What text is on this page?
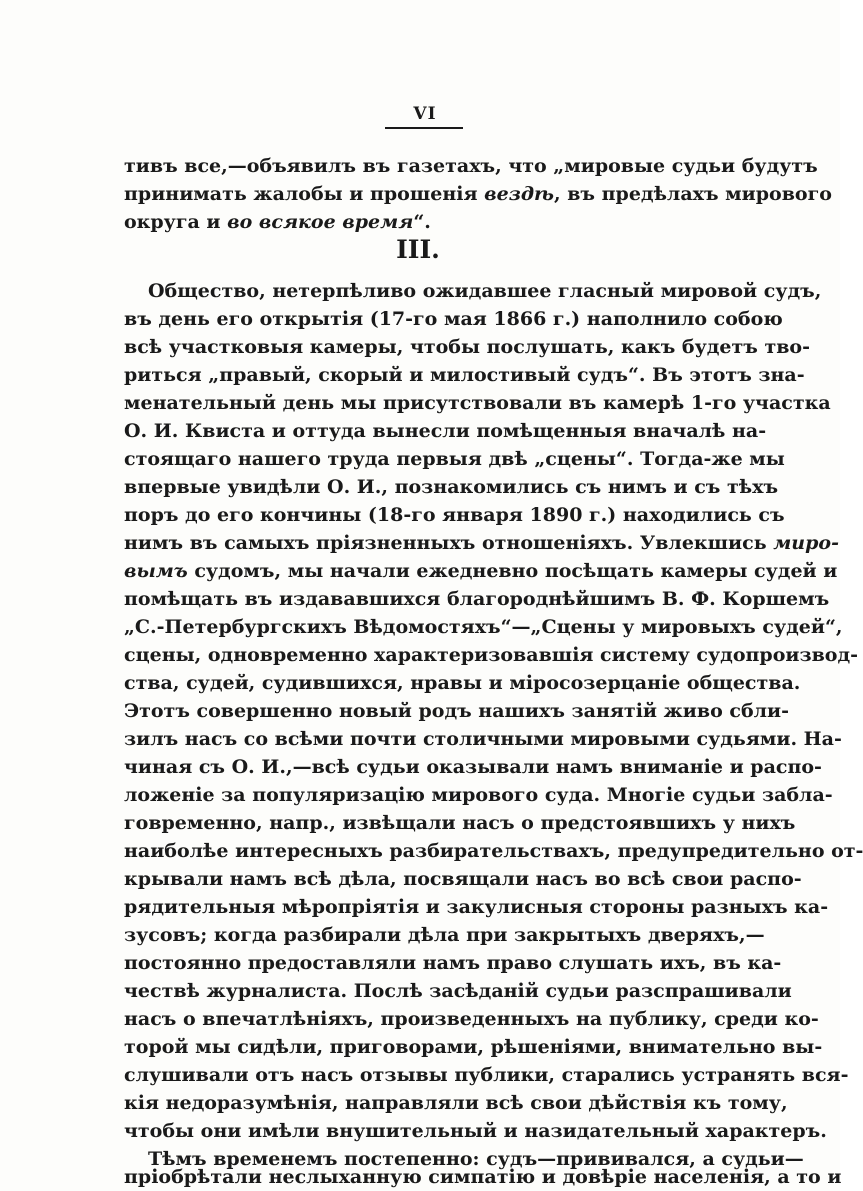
VI
тивъ все,—объявилъ въ газетахъ, что „мировые судьи будутъ
принимать жалобы и прошенія вездѣ, въ предѣлахъ мирового
округа и во всякое время“.
III.
Общество, нетерпѣливо ожидавшее гласный мировой судъ,
въ день его открытія (17-го мая 1866 г.) наполнило собою
всѣ участковыя камеры, чтобы послушать, какъ будетъ тво-
риться „правый, скорый и милостивый судъ“. Въ этотъ зна-
менательный день мы присутствовали въ камерѣ 1-го участка
О. И. Квиста и оттуда вынесли помѣщенныя вначалѣ на-
стоящаго нашего труда первыя двѣ „сцены“. Тогда-же мы
впервые увидѣли О. И., познакомились съ нимъ и съ тѣхъ
поръ до его кончины (18-го января 1890 г.) находились съ
нимъ въ самыхъ пріязненныхъ отношеніяхъ. Увлекшись миро-
вымъ судомъ, мы начали ежедневно посѣщать камеры судей и
помѣщать въ издававшихся благороднѣйшимъ В. Ф. Коршемъ
„С.-Петербургскихъ Вѣдомостяхъ“—„Сцены у мировыхъ судей“,
сцены, одновременно характеризовавшія систему судопроизвод-
ства, судей, судившихся, нравы и міросозерцаніе общества.
Этотъ совершенно новый родъ нашихъ занятій живо сбли-
зилъ насъ со всѣми почти столичными мировыми судьями. На-
чиная съ О. И.,—всѣ судьи оказывали намъ вниманіе и распо-
ложеніе за популяризацію мирового суда. Многіе судьи забла-
говременно, напр., извѣщали насъ о предстоявшихъ у нихъ
наиболѣе интересныхъ разбирательствахъ, предупредительно от-
крывали намъ всѣ дѣла, посвящали насъ во всѣ свои распо-
рядительныя мѣропріятія и закулисныя стороны разныхъ ка-
зусовъ; когда разбирали дѣла при закрытыхъ дверяхъ,—
постоянно предоставляли намъ право слушать ихъ, въ ка-
чествѣ журналиста. Послѣ засѣданій судьи разспрашивали
насъ о впечатлѣніяхъ, произведенныхъ на публику, среди ко-
торой мы сидѣли, приговорами, рѣшеніями, внимательно вы-
слушивали отъ насъ отзывы публики, старались устранять вся-
кія недоразумѣнія, направляли всѣ свои дѣйствія къ тому,
чтобы они имѣли внушительный и назидательный характеръ.
Тѣмъ временемъ постепенно: судъ—прививался, а судьи—
пріобрѣтали неслыханную симпатію и довѣріе населенія, а то и
